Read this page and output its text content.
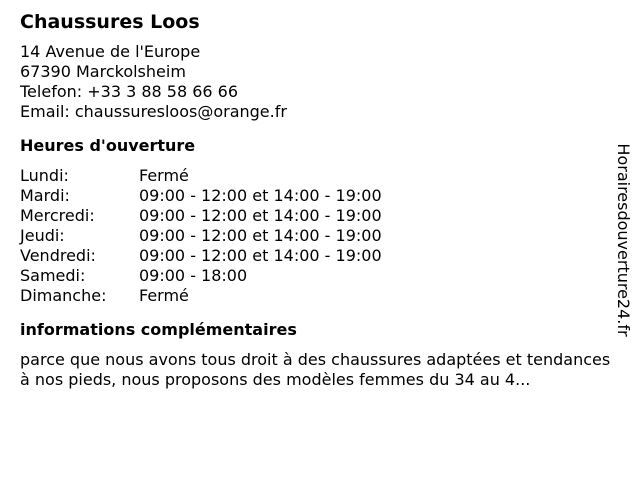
Chaussures Loos
14 Avenue de l'Europe
67390 Marckolsheim
Telefon: +33 3 88 58 66 66
Email: chaussuresloos@orange.fr
Heures d'ouverture
Lundi:	Fermé
Mardi:	09:00 - 12:00 et 14:00 - 19:00
Mercredi:	09:00 - 12:00 et 14:00 - 19:00
Jeudi:	09:00 - 12:00 et 14:00 - 19:00
Vendredi:	09:00 - 12:00 et 14:00 - 19:00
Samedi:	09:00 - 18:00
Dimanche:	Fermé
informations complémentaires
parce que nous avons tous droit à des chaussures adaptées et tendances à nos pieds, nous proposons des modèles femmes du 34 au 4...
Horairesdouverture24.fr
